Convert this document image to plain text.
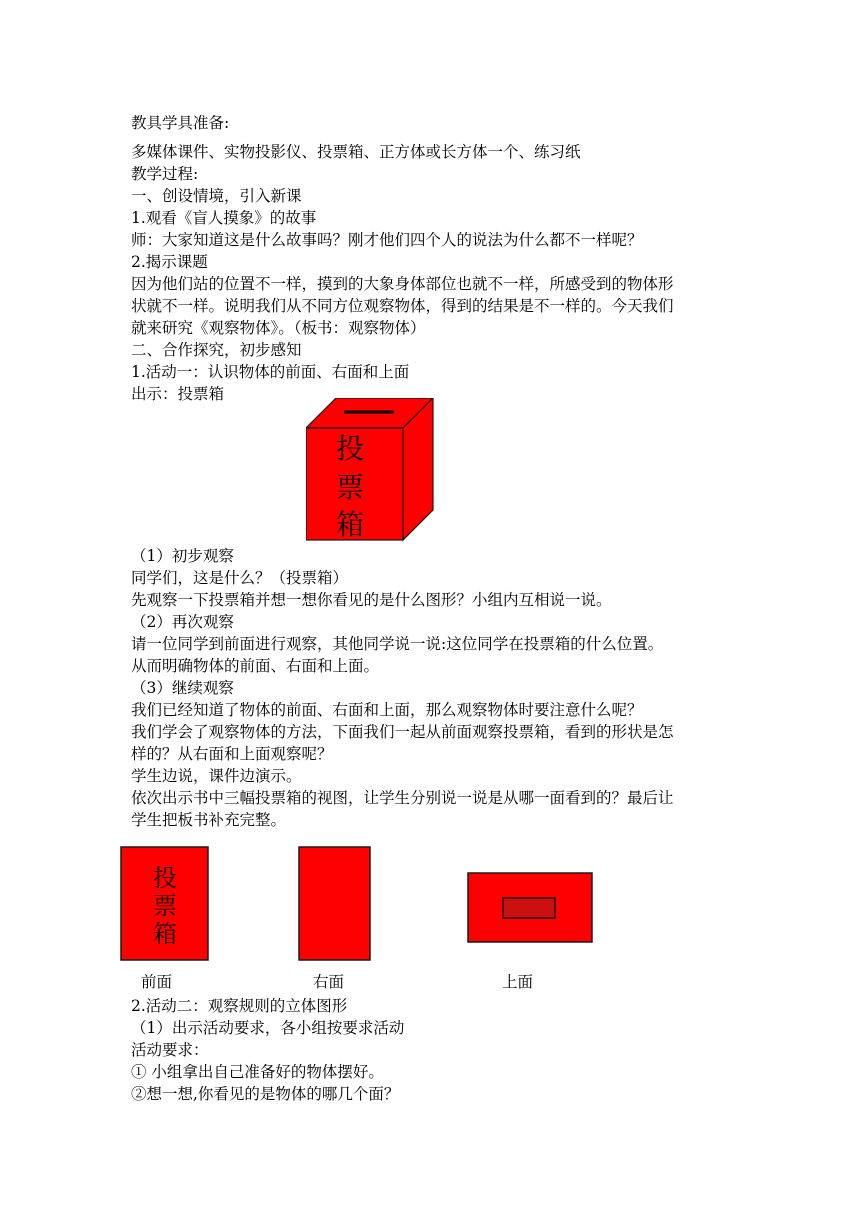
教具学具准备:
多媒体课件、实物投影仪、投票箱、正方体或长方体一个、练习纸
教学过程:
一、创设情境，引入新课
1.观看《盲人摸象》的故事
师：大家知道这是什么故事吗？刚才他们四个人的说法为什么都不一样呢？
2.揭示课题
因为他们站的位置不一样，摸到的大象身体部位也就不一样，所感受到的物体形
状就不一样。说明我们从不同方位观察物体，得到的结果是不一样的。今天我们
就来研究《观察物体》。（板书：观察物体）
二、合作探究，初步感知
1.活动一：认识物体的前面、右面和上面
出示：投票箱
投
票
箱
（1）初步观察
同学们，这是什么？（投票箱）
先观察一下投票箱并想一想你看见的是什么图形？小组内互相说一说。
（2）再次观察
请一位同学到前面进行观察，其他同学说一说:这位同学在投票箱的什么位置。
从而明确物体的前面、右面和上面。
（3）继续观察
我们已经知道了物体的前面、右面和上面，那么观察物体时要注意什么呢？
我们学会了观察物体的方法，下面我们一起从前面观察投票箱，看到的形状是怎
样的？从右面和上面观察呢？
学生边说，课件边演示。
依次出示书中三幅投票箱的视图，让学生分别说一说是从哪一面看到的？最后让
学生把板书补充完整。
投
票
箱
前面	右面	上面
2.活动二：观察规则的立体图形
（1）出示活动要求，各小组按要求活动
活动要求：
① 小组拿出自己准备好的物体摆好。
②想一想,你看见的是物体的哪几个面？
